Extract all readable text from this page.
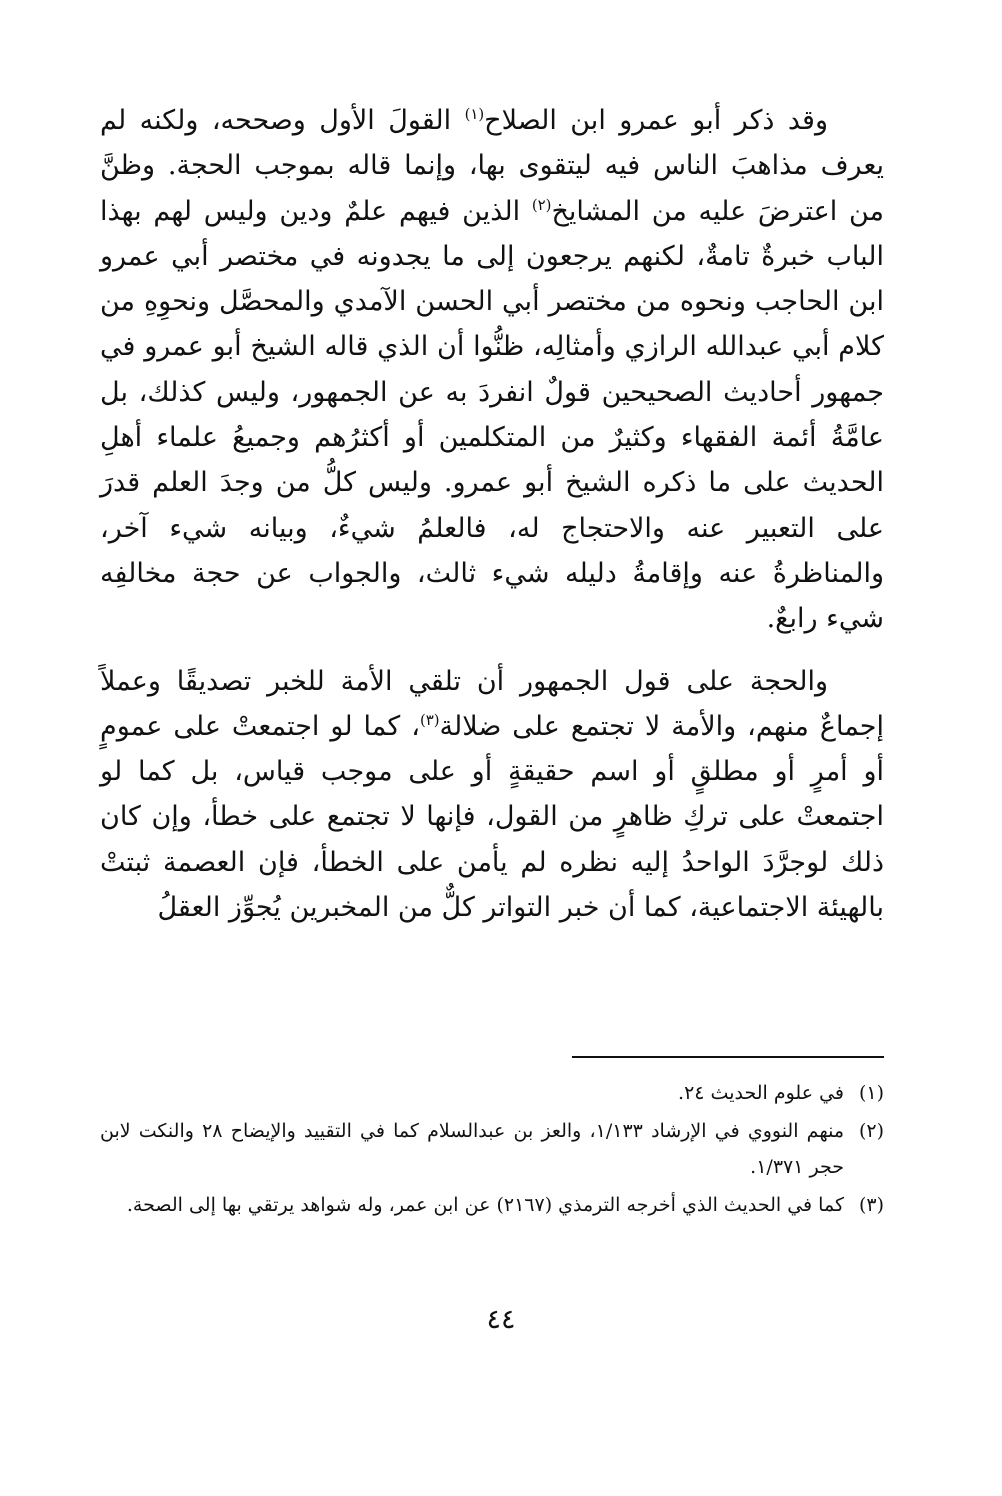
وقد ذكر أبو عمرو ابن الصلاح$^{(١)}$ القولَ الأول وصححه، ولكنه لم يعرف مذاهبَ الناس فيه ليتقوى بها، وإنما قاله بموجب الحجة. وظنَّ من اعترضَ عليه من المشايخ$^{(٢)}$ الذين فيهم علمٌ ودين وليس لهم بهذا الباب خبرةٌ تامةٌ، لكنهم يرجعون إلى ما يجدونه في مختصر أبي عمرو ابن الحاجب ونحوه من مختصر أبي الحسن الآمدي والمحصَّل ونحوِهِ من كلام أبي عبدالله الرازي وأمثالِه، ظنُّوا أن الذي قاله الشيخ أبو عمرو في جمهور أحاديث الصحيحين قولٌ انفردَ به عن الجمهور، وليس كذلك، بل عامَّةُ أئمة الفقهاء وكثيرٌ من المتكلمين أو أكثرُهم وجميعُ علماء أهلِ الحديث على ما ذكره الشيخ أبو عمرو. وليس كلُّ من وجدَ العلم قدرَ على التعبير عنه والاحتجاج له، فالعلمُ شيءٌ، وبيانه شيء آخر، والمناظرةُ عنه وإقامةُ دليله شيء ثالث، والجواب عن حجة مخالفِه شيء رابعٌ.

والحجة على قول الجمهور أن تلقي الأمة للخبر تصديقًا وعملاً إجماعٌ منهم، والأمة لا تجتمع على ضلالة$^{(٣)}$، كما لو اجتمعتْ على عمومٍ أو أمرٍ أو مطلقٍ أو اسم حقيقةٍ أو على موجب قياس، بل كما لو اجتمعتْ على تركِ ظاهرٍ من القول، فإنها لا تجتمع على خطأ، وإن كان ذلك لوجرَّدَ الواحدُ إليه نظره لم يأمن على الخطأ، فإن العصمة ثبتتْ بالهيئة الاجتماعية، كما أن خبر التواتر كلٌّ من المخبرين يُجوِّز العقلُ

(١)
في علوم الحديث ٢٤.
(٢)
منهم النووي في الإرشاد ١/١٣٣، والعز بن عبدالسلام كما في التقييد والإيضاح ٢٨ والنكت لابن حجر ١/٣٧١.
(٣)
كما في الحديث الذي أخرجه الترمذي (٢١٦٧) عن ابن عمر، وله شواهد يرتقي بها إلى الصحة.
٤٤
